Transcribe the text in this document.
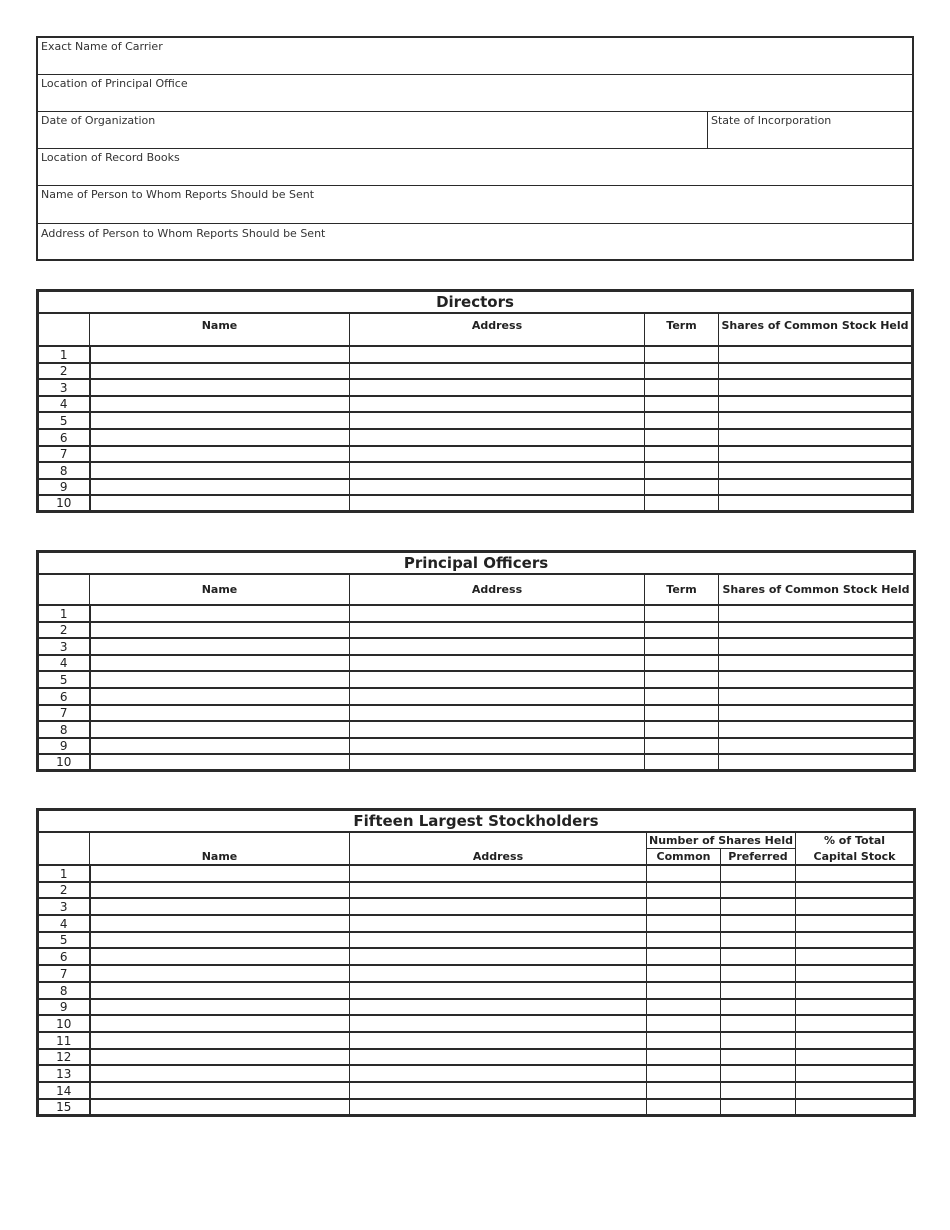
Exact Name of Carrier
Location of Principal Office
Date of Organization	State of Incorporation
Location of Record Books
Name of Person to Whom Reports Should be Sent
Address of Person to Whom Reports Should be Sent
Directors				
	Name	Address	Term	Shares of Common Stock Held
1				
2				
3				
4				
5				
6				
7				
8				
9				
10				
Principal Officers				
	Name	Address	Term	Shares of Common Stock Held
1				
2				
3				
4				
5				
6				
7				
8				
9				
10				
Fifteen Largest Stockholders					
	Name	Address	Number of Shares Held		% of Total
			Common	Preferred	Capital Stock
1					
2					
3					
4					
5					
6					
7					
8					
9					
10					
11					
12					
13					
14					
15					
